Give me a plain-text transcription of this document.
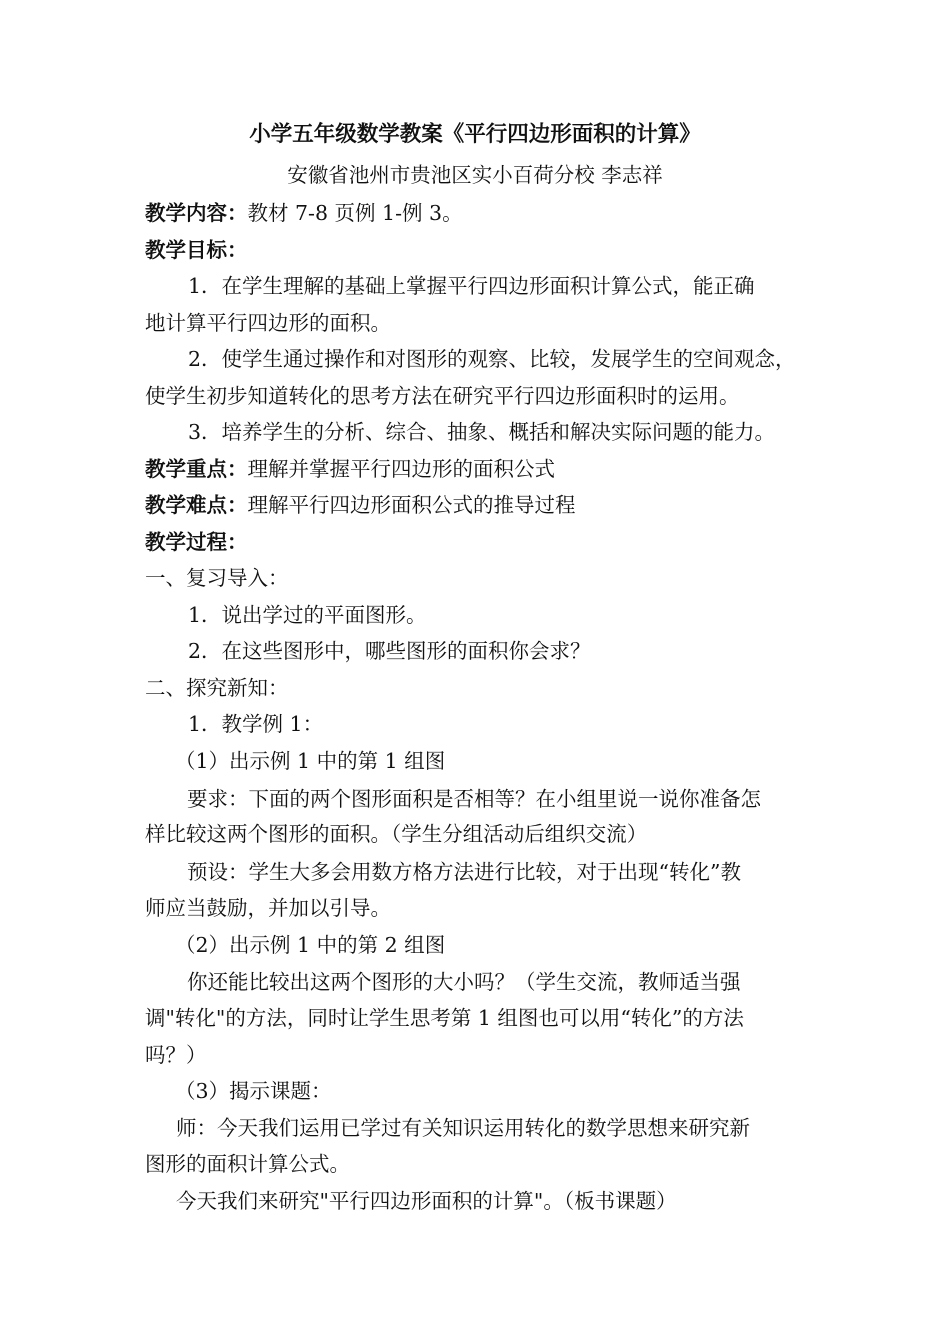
小学五年级数学教案《平行四边形面积的计算》
安徽省池州市贵池区实小百荷分校 李志祥
教学内容：教材 7-8 页例 1-例 3。
教学目标：
1．在学生理解的基础上掌握平行四边形面积计算公式，能正确
地计算平行四边形的面积。
2．使学生通过操作和对图形的观察、比较，发展学生的空间观念，
使学生初步知道转化的思考方法在研究平行四边形面积时的运用。
3．培养学生的分析、综合、抽象、概括和解决实际问题的能力。
教学重点：理解并掌握平行四边形的面积公式
教学难点：理解平行四边形面积公式的推导过程
教学过程：
一、复习导入：
1．说出学过的平面图形。
2．在这些图形中，哪些图形的面积你会求？
二、探究新知：
1．教学例 1：
（1）出示例 1 中的第 1 组图
要求：下面的两个图形面积是否相等？在小组里说一说你准备怎
样比较这两个图形的面积。（学生分组活动后组织交流）
预设：学生大多会用数方格方法进行比较，对于出现“转化”教
师应当鼓励，并加以引导。
（2）出示例 1 中的第 2 组图
你还能比较出这两个图形的大小吗？（学生交流，教师适当强
调"转化"的方法，同时让学生思考第 1 组图也可以用“转化”的方法
吗？）
（3）揭示课题：
师：今天我们运用已学过有关知识运用转化的数学思想来研究新
图形的面积计算公式。
今天我们来研究"平行四边形面积的计算"。（板书课题）
